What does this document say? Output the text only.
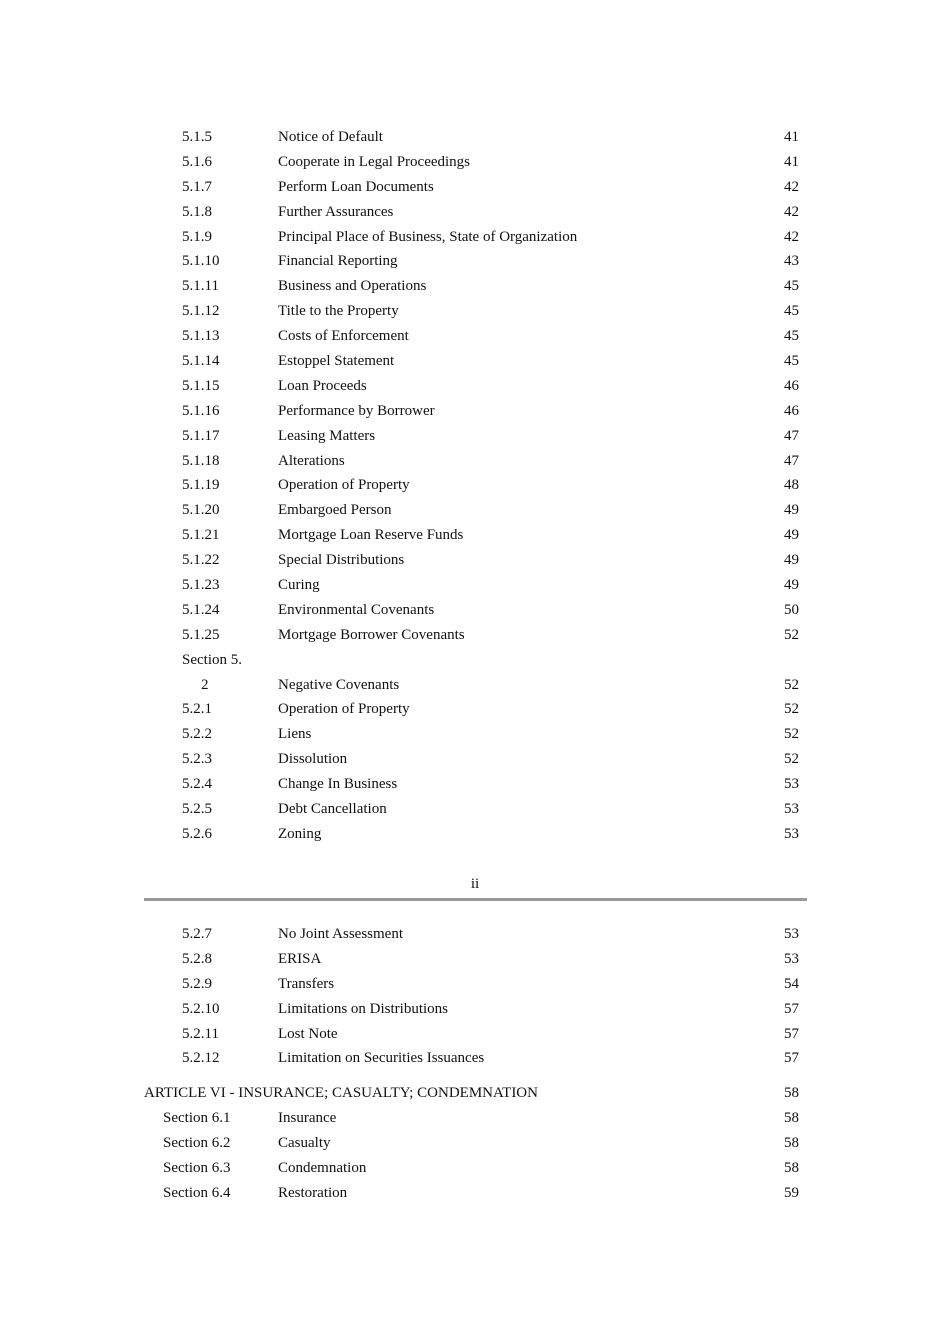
5.1.5	Notice of Default	41
5.1.6	Cooperate in Legal Proceedings	41
5.1.7	Perform Loan Documents	42
5.1.8	Further Assurances	42
5.1.9	Principal Place of Business, State of Organization	42
5.1.10	Financial Reporting	43
5.1.11	Business and Operations	45
5.1.12	Title to the Property	45
5.1.13	Costs of Enforcement	45
5.1.14	Estoppel Statement	45
5.1.15	Loan Proceeds	46
5.1.16	Performance by Borrower	46
5.1.17	Leasing Matters	47
5.1.18	Alterations	47
5.1.19	Operation of Property	48
5.1.20	Embargoed Person	49
5.1.21	Mortgage Loan Reserve Funds	49
5.1.22	Special Distributions	49
5.1.23	Curing	49
5.1.24	Environmental Covenants	50
5.1.25	Mortgage Borrower Covenants	52
Section 5.
2	Negative Covenants	52
5.2.1	Operation of Property	52
5.2.2	Liens	52
5.2.3	Dissolution	52
5.2.4	Change In Business	53
5.2.5	Debt Cancellation	53
5.2.6	Zoning	53
ii
5.2.7	No Joint Assessment	53
5.2.8	ERISA	53
5.2.9	Transfers	54
5.2.10	Limitations on Distributions	57
5.2.11	Lost Note	57
5.2.12	Limitation on Securities Issuances	57
ARTICLE VI - INSURANCE; CASUALTY; CONDEMNATION	58
Section 6.1	Insurance	58
Section 6.2	Casualty	58
Section 6.3	Condemnation	58
Section 6.4	Restoration	59
